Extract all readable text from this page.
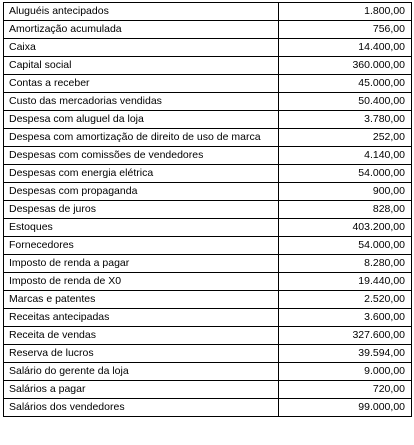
Aluguéis antecipados	1.800,00
Amortização acumulada	756,00
Caixa	14.400,00
Capital social	360.000,00
Contas a receber	45.000,00
Custo das mercadorias vendidas	50.400,00
Despesa com aluguel da loja	3.780,00
Despesa com amortização de direito de uso de marca	252,00
Despesas com comissões de vendedores	4.140,00
Despesas com energia elétrica	54.000,00
Despesas com propaganda	900,00
Despesas de juros	828,00
Estoques	403.200,00
Fornecedores	54.000,00
Imposto de renda a pagar	8.280,00
Imposto de renda de X0	19.440,00
Marcas e patentes	2.520,00
Receitas antecipadas	3.600,00
Receita de vendas	327.600,00
Reserva de lucros	39.594,00
Salário do gerente da loja	9.000,00
Salários a pagar	720,00
Salários dos vendedores	99.000,00
